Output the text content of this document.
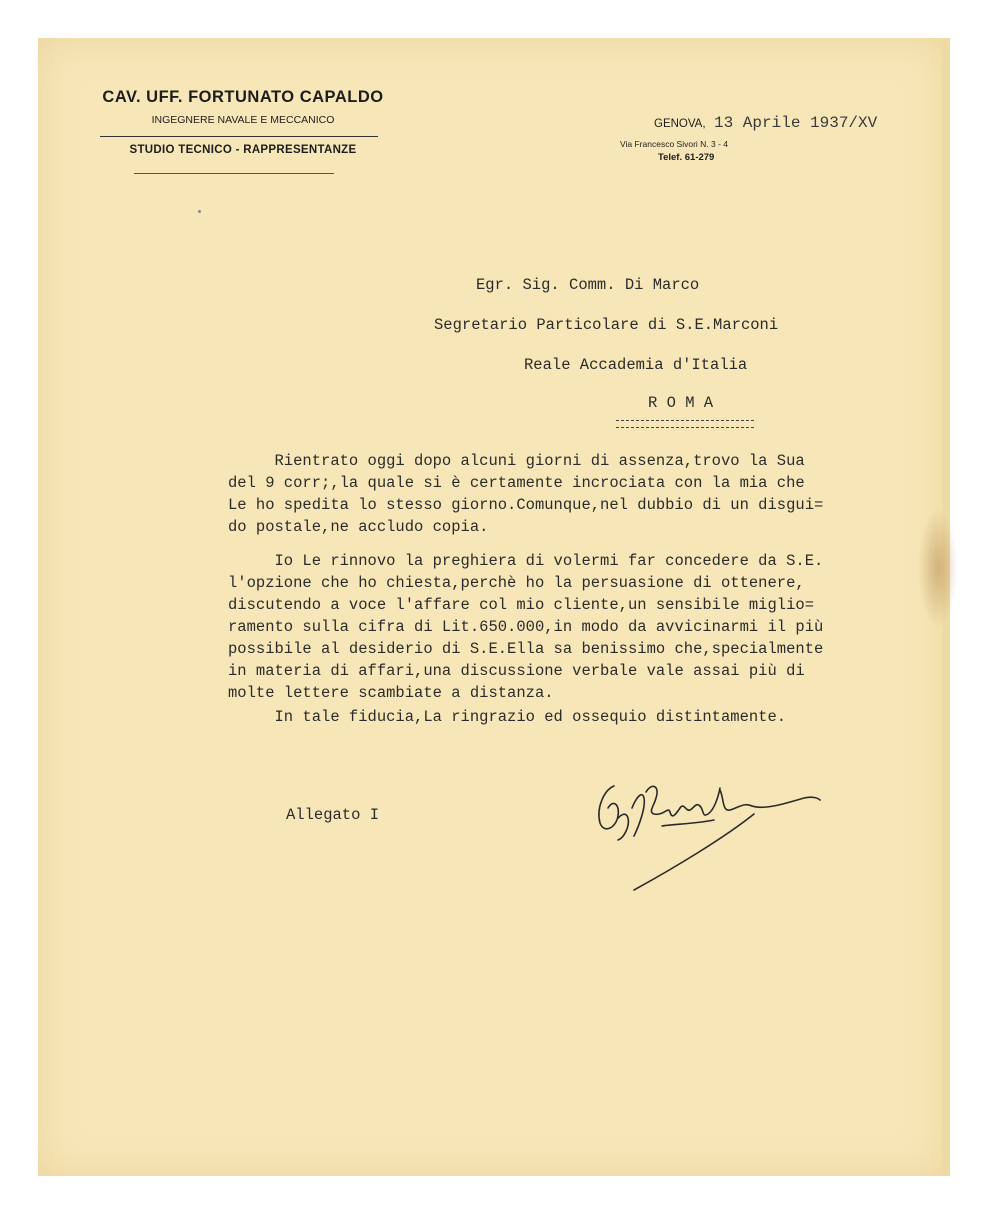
CAV. UFF. FORTUNATO CAPALDO
INGEGNERE NAVALE E MECCANICO
STUDIO TECNICO - RAPPRESENTANZE
GENOVA, 13 Aprile 1937/XV
Via Francesco Sivori N. 3 - 4
Telef. 61-279
Egr. Sig. Comm. Di Marco
Segretario Particolare di S.E.Marconi
Reale Accademia d'Italia
R O M A
Rientrato oggi dopo alcuni giorni di assenza,trovo la Sua
del 9 corr;,la quale si è certamente incrociata con la mia che
Le ho spedita lo stesso giorno.Comunque,nel dubbio di un disgui=
do postale,ne accludo copia.
Io Le rinnovo la preghiera di volermi far concedere da S.E.
l'opzione che ho chiesta,perchè ho la persuasione di ottenere,
discutendo a voce l'affare col mio cliente,un sensibile miglio=
ramento sulla cifra di Lit.650.000,in modo da avvicinarmi il più
possibile al desiderio di S.E.Ella sa benissimo che,specialmente
in materia di affari,una discussione verbale vale assai più di
molte lettere scambiate a distanza.
In tale fiducia,La ringrazio ed ossequio distintamente.
Allegato I
